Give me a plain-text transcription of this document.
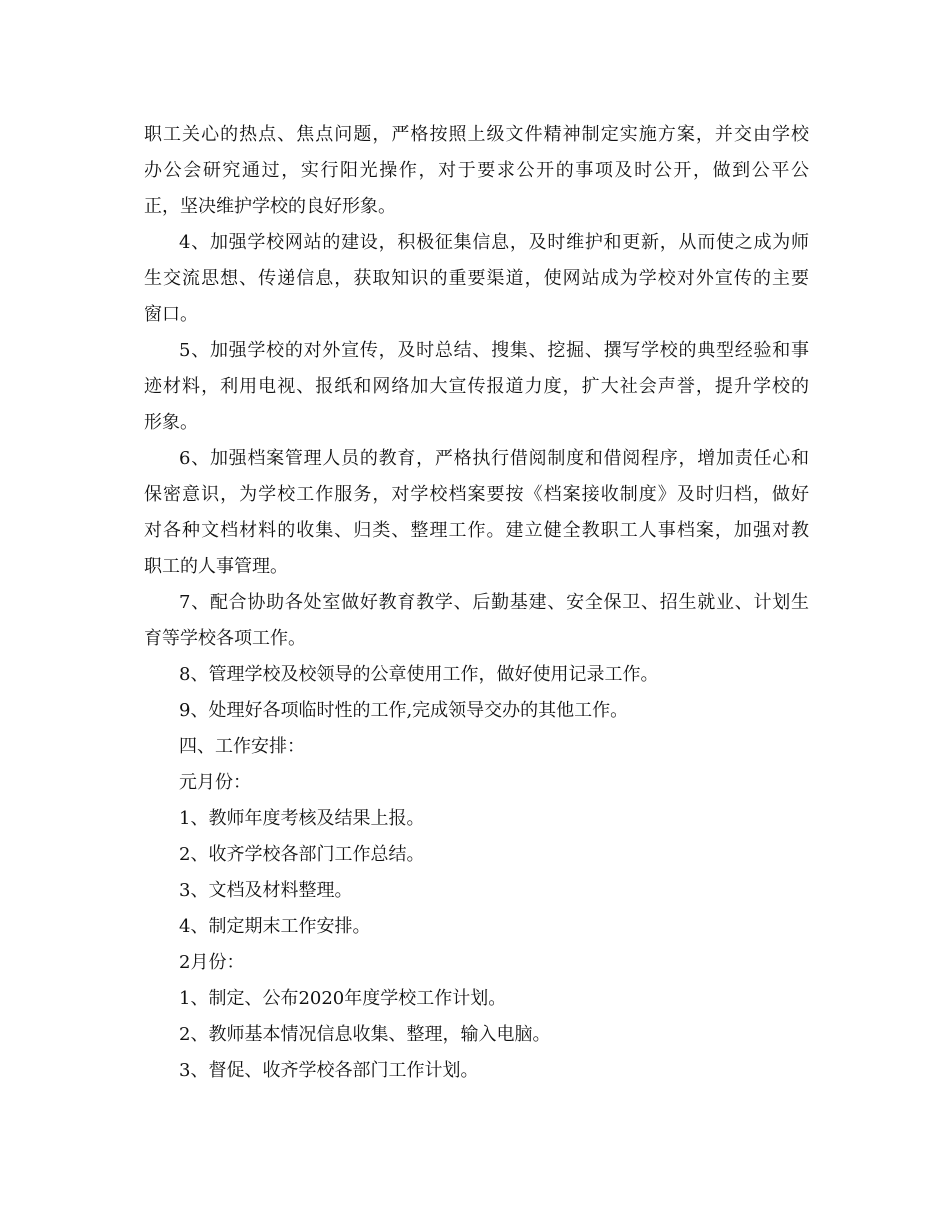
职工关心的热点、焦点问题，严格按照上级文件精神制定实施方案，并交由学校
办公会研究通过，实行阳光操作，对于要求公开的事项及时公开，做到公平公
正，坚决维护学校的良好形象。
4、加强学校网站的建设，积极征集信息，及时维护和更新，从而使之成为师
生交流思想、传递信息，获取知识的重要渠道，使网站成为学校对外宣传的主要
窗口。
5、加强学校的对外宣传，及时总结、搜集、挖掘、撰写学校的典型经验和事
迹材料，利用电视、报纸和网络加大宣传报道力度，扩大社会声誉，提升学校的
形象。
6、加强档案管理人员的教育，严格执行借阅制度和借阅程序，增加责任心和
保密意识，为学校工作服务，对学校档案要按《档案接收制度》及时归档，做好
对各种文档材料的收集、归类、整理工作。建立健全教职工人事档案，加强对教
职工的人事管理。
7、配合协助各处室做好教育教学、后勤基建、安全保卫、招生就业、计划生
育等学校各项工作。
8、管理学校及校领导的公章使用工作，做好使用记录工作。
9、处理好各项临时性的工作,完成领导交办的其他工作。
四、工作安排：
元月份：
1、教师年度考核及结果上报。
2、收齐学校各部门工作总结。
3、文档及材料整理。
4、制定期末工作安排。
2月份：
1、制定、公布2020年度学校工作计划。
2、教师基本情况信息收集、整理，输入电脑。
3、督促、收齐学校各部门工作计划。
